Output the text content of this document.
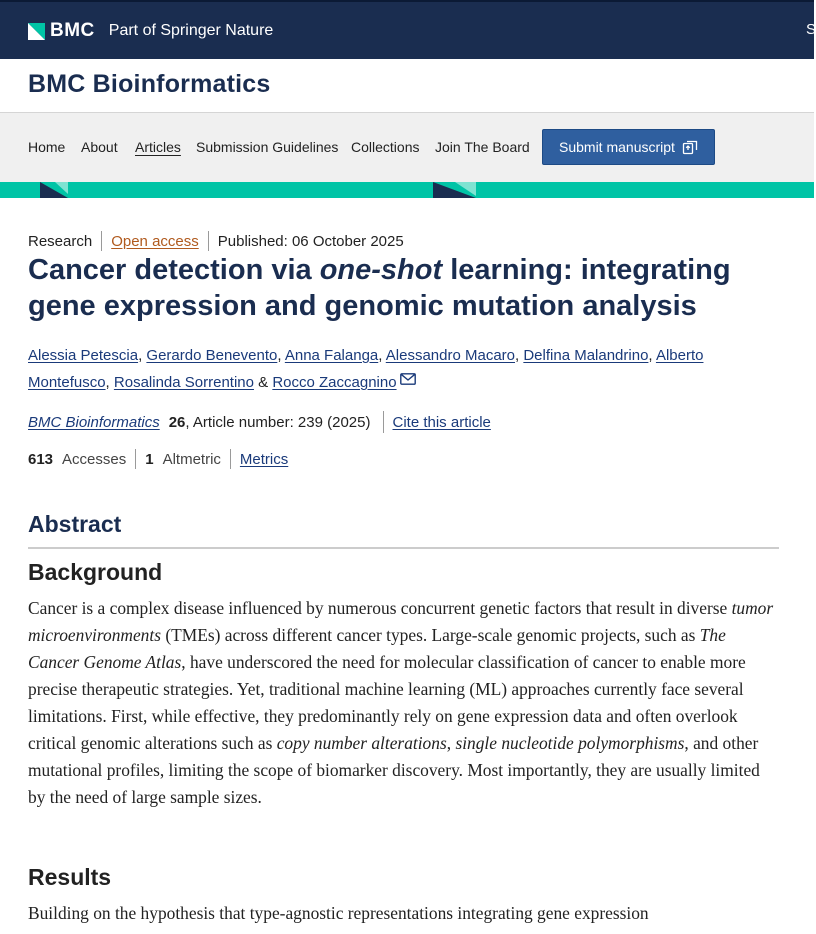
BMC Part of Springer Nature	S
BMC Bioinformatics
Home About Articles Submission Guidelines Collections Join The Board Submit manuscript
Research Open access Published: 06 October 2025
Cancer detection via one-shot learning: integrating gene expression and genomic mutation analysis
Alessia Petescia, Gerardo Benevento, Anna Falanga, Alessandro Macaro, Delfina Malandrino, Alberto Montefusco, Rosalinda Sorrentino & Rocco Zaccagnino
BMC Bioinformatics 26 , Article number: 239 (2025) Cite this article
613 Accesses 1 Altmetric Metrics
Abstract
Background

Cancer is a complex disease influenced by numerous concurrent genetic factors that result in diverse tumor microenvironments (TMEs) across different cancer types. Large-scale genomic projects, such as The Cancer Genome Atlas, have underscored the need for molecular classification of cancer to enable more precise therapeutic strategies. Yet, traditional machine learning (ML) approaches currently face several limitations. First, while effective, they predominantly rely on gene expression data and often overlook critical genomic alterations such as copy number alterations, single nucleotide polymorphisms, and other mutational profiles, limiting the scope of biomarker discovery. Most importantly, they are usually limited by the need of large sample sizes.

Results

Building on the hypothesis that type-agnostic representations integrating gene expression
